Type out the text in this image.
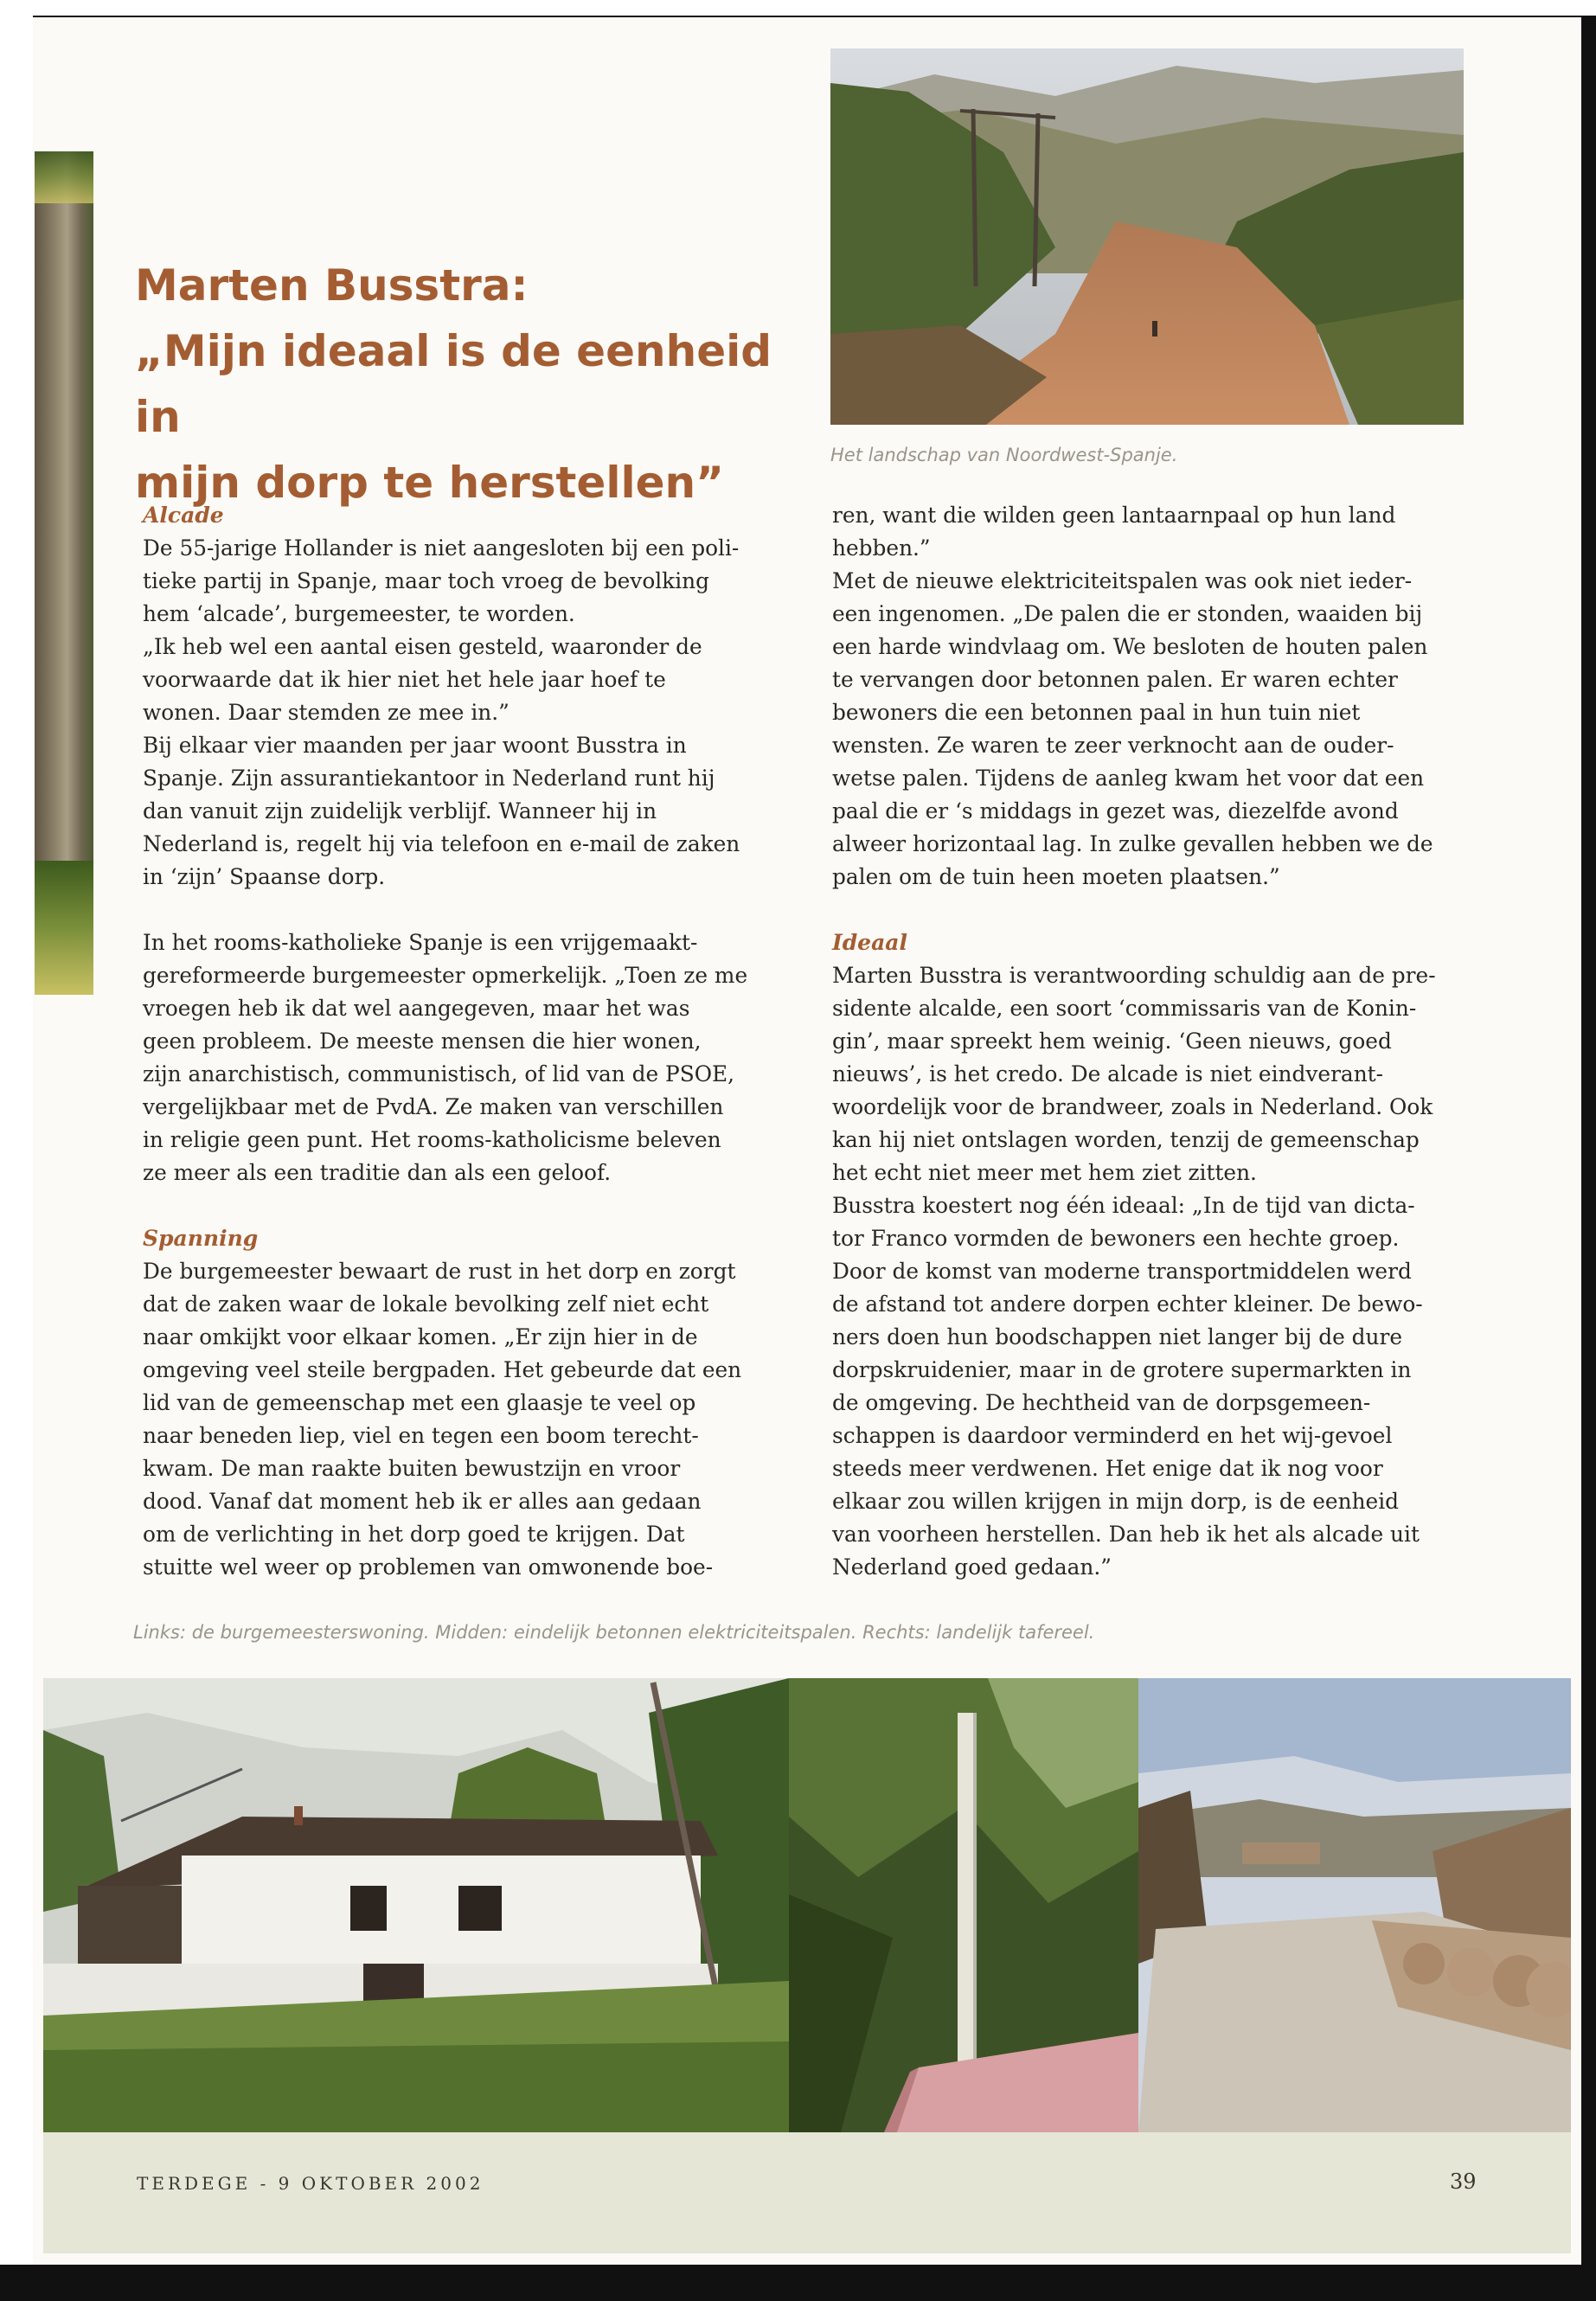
Marten Busstra:
„Mijn ideaal is de eenheid in
mijn dorp te herstellen”

Het landschap van Noordwest-Spanje.

Alcade
De 55-jarige Hollander is niet aangesloten bij een poli-
tieke partij in Spanje, maar toch vroeg de bevolking
hem ‘alcade’, burgemeester, te worden.
„Ik heb wel een aantal eisen gesteld, waaronder de
voorwaarde dat ik hier niet het hele jaar hoef te
wonen. Daar stemden ze mee in.”
Bij elkaar vier maanden per jaar woont Busstra in
Spanje. Zijn assurantiekantoor in Nederland runt hij
dan vanuit zijn zuidelijk verblijf. Wanneer hij in
Nederland is, regelt hij via telefoon en e-mail de zaken
in ‘zijn’ Spaanse dorp.

In het rooms-katholieke Spanje is een vrijgemaakt-
gereformeerde burgemeester opmerkelijk. „Toen ze me
vroegen heb ik dat wel aangegeven, maar het was
geen probleem. De meeste mensen die hier wonen,
zijn anarchistisch, communistisch, of lid van de PSOE,
vergelijkbaar met de PvdA. Ze maken van verschillen
in religie geen punt. Het rooms-katholicisme beleven
ze meer als een traditie dan als een geloof.

Spanning
De burgemeester bewaart de rust in het dorp en zorgt
dat de zaken waar de lokale bevolking zelf niet echt
naar omkijkt voor elkaar komen. „Er zijn hier in de
omgeving veel steile bergpaden. Het gebeurde dat een
lid van de gemeenschap met een glaasje te veel op
naar beneden liep, viel en tegen een boom terecht-
kwam. De man raakte buiten bewustzijn en vroor
dood. Vanaf dat moment heb ik er alles aan gedaan
om de verlichting in het dorp goed te krijgen. Dat
stuitte wel weer op problemen van omwonende boe-
ren, want die wilden geen lantaarnpaal op hun land
hebben.”
Met de nieuwe elektriciteitspalen was ook niet ieder-
een ingenomen. „De palen die er stonden, waaiden bij
een harde windvlaag om. We besloten de houten palen
te vervangen door betonnen palen. Er waren echter
bewoners die een betonnen paal in hun tuin niet
wensten. Ze waren te zeer verknocht aan de ouder-
wetse palen. Tijdens de aanleg kwam het voor dat een
paal die er ‘s middags in gezet was, diezelfde avond
alweer horizontaal lag. In zulke gevallen hebben we de
palen om de tuin heen moeten plaatsen.”

Ideaal
Marten Busstra is verantwoording schuldig aan de pre-
sidente alcalde, een soort ‘commissaris van de Konin-
gin’, maar spreekt hem weinig. ‘Geen nieuws, goed
nieuws’, is het credo. De alcade is niet eindverant-
woordelijk voor de brandweer, zoals in Nederland. Ook
kan hij niet ontslagen worden, tenzij de gemeenschap
het echt niet meer met hem ziet zitten.
Busstra koestert nog één ideaal: „In de tijd van dicta-
tor Franco vormden de bewoners een hechte groep.
Door de komst van moderne transportmiddelen werd
de afstand tot andere dorpen echter kleiner. De bewo-
ners doen hun boodschappen niet langer bij de dure
dorpskruidenier, maar in de grotere supermarkten in
de omgeving. De hechtheid van de dorpsgemeen-
schappen is daardoor verminderd en het wij-gevoel
steeds meer verdwenen. Het enige dat ik nog voor
elkaar zou willen krijgen in mijn dorp, is de eenheid
van voorheen herstellen. Dan heb ik het als alcade uit
Nederland goed gedaan.”

Links: de burgemeesterswoning. Midden: eindelijk betonnen elektriciteitspalen. Rechts: landelijk tafereel.

TERDEGE - 9 OKTOBER 2002	39
